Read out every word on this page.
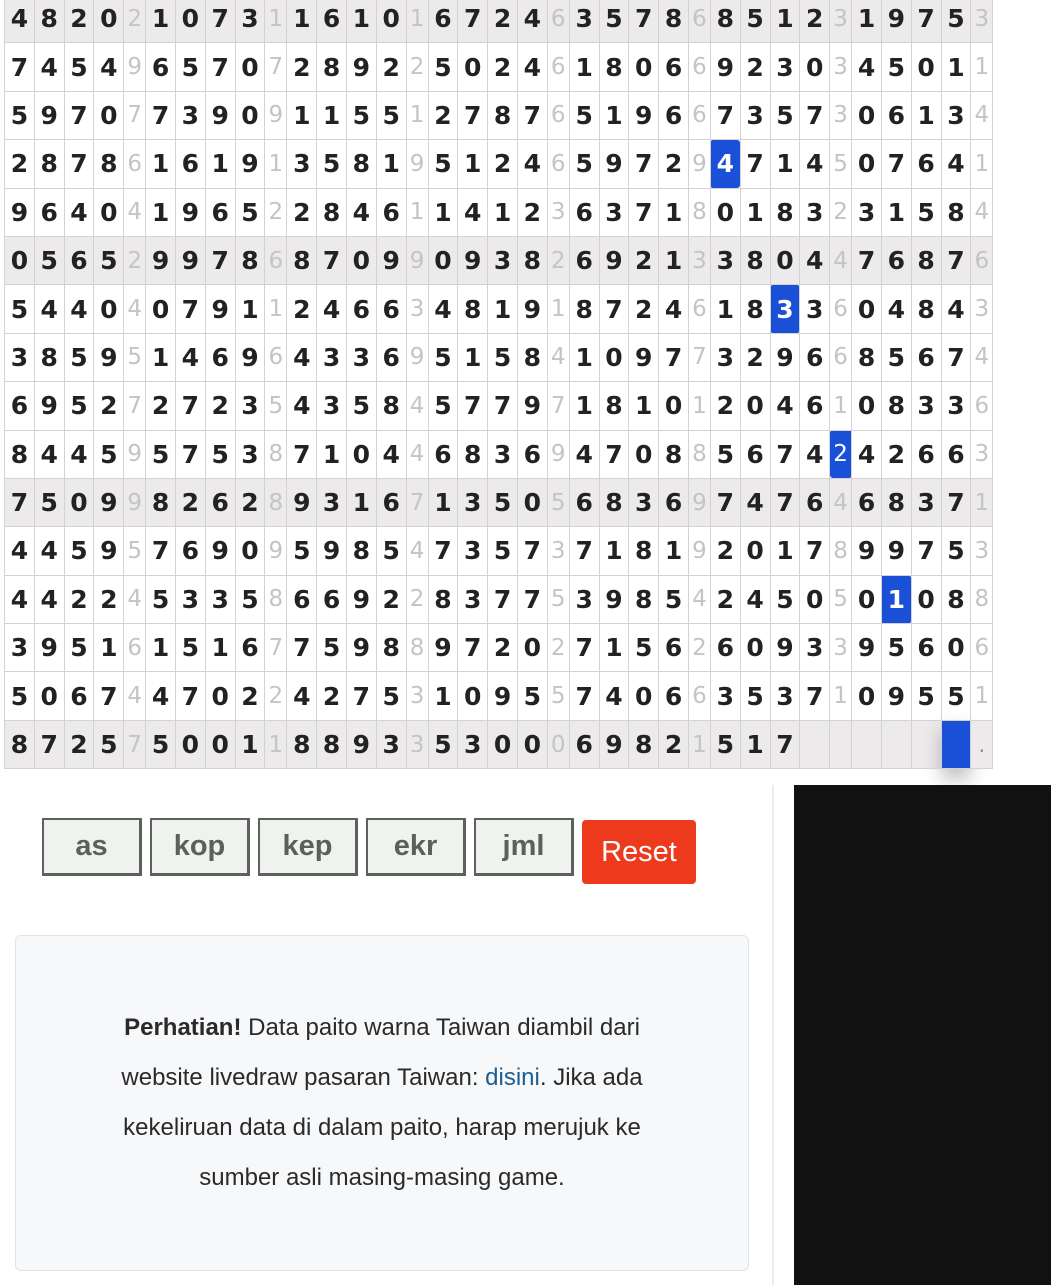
4	8	2	0	2	1	0	7	3	1	1	6	1	0	1	6	7	2	4	6	3	5	7	8	6	8	5	1	2	3	1	9	7	5	3
7	4	5	4	9	6	5	7	0	7	2	8	9	2	2	5	0	2	4	6	1	8	0	6	6	9	2	3	0	3	4	5	0	1	1
5	9	7	0	7	7	3	9	0	9	1	1	5	5	1	2	7	8	7	6	5	1	9	6	6	7	3	5	7	3	0	6	1	3	4
2	8	7	8	6	1	6	1	9	1	3	5	8	1	9	5	1	2	4	6	5	9	7	2	9	4	7	1	4	5	0	7	6	4	1
9	6	4	0	4	1	9	6	5	2	2	8	4	6	1	1	4	1	2	3	6	3	7	1	8	0	1	8	3	2	3	1	5	8	4
0	5	6	5	2	9	9	7	8	6	8	7	0	9	9	0	9	3	8	2	6	9	2	1	3	3	8	0	4	4	7	6	8	7	6
5	4	4	0	4	0	7	9	1	1	2	4	6	6	3	4	8	1	9	1	8	7	2	4	6	1	8	3	3	6	0	4	8	4	3
3	8	5	9	5	1	4	6	9	6	4	3	3	6	9	5	1	5	8	4	1	0	9	7	7	3	2	9	6	6	8	5	6	7	4
6	9	5	2	7	2	7	2	3	5	4	3	5	8	4	5	7	7	9	7	1	8	1	0	1	2	0	4	6	1	0	8	3	3	6
8	4	4	5	9	5	7	5	3	8	7	1	0	4	4	6	8	3	6	9	4	7	0	8	8	5	6	7	4	2	4	2	6	6	3
7	5	0	9	9	8	2	6	2	8	9	3	1	6	7	1	3	5	0	5	6	8	3	6	9	7	4	7	6	4	6	8	3	7	1
4	4	5	9	5	7	6	9	0	9	5	9	8	5	4	7	3	5	7	3	7	1	8	1	9	2	0	1	7	8	9	9	7	5	3
4	4	2	2	4	5	3	3	5	8	6	6	9	2	2	8	3	7	7	5	3	9	8	5	4	2	4	5	0	5	0	1	0	8	8
3	9	5	1	6	1	5	1	6	7	7	5	9	8	8	9	7	2	0	2	7	1	5	6	2	6	0	9	3	3	9	5	6	0	6
5	0	6	7	4	4	7	0	2	2	4	2	7	5	3	1	0	9	5	5	7	4	0	6	6	3	5	3	7	1	0	9	5	5	1
8	7	2	5	7	5	0	0	1	1	8	8	9	3	3	5	3	0	0	0	6	9	8	2	1	5	1	7							.
as
kop
kep
ekr
jml
Reset

Perhatian! Data paito warna Taiwan diambil dari website livedraw pasaran Taiwan: disini. Jika ada kekeliruan data di dalam paito, harap merujuk ke sumber asli masing-masing game.
